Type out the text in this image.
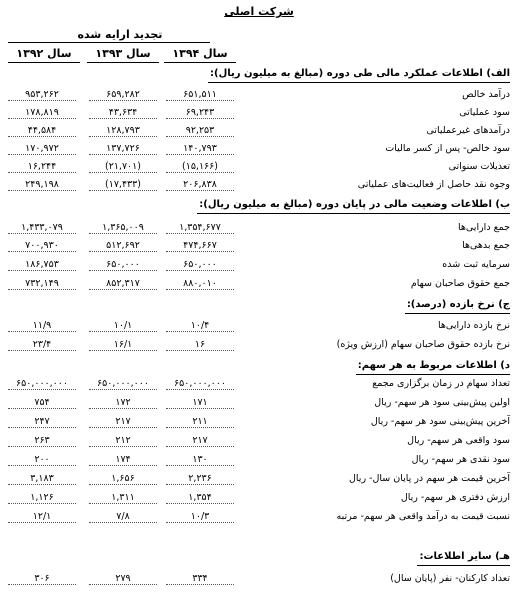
شرکت اصلی
تجدید ارایه شده
سال ۱۳۹۴
سال ۱۳۹۳
سال ۱۳۹۲
الف) اطلاعات عملکرد مالی طی دوره (مبالغ به میلیون ریال):
درآمد خالص
۶۵۱,۵۱۱
۶۵۹,۲۸۲
۹۵۳,۲۶۲
سود عملیاتی
۶۹,۲۴۳
۴۳,۶۳۴
۱۷۸,۸۱۹
درآمدهای غیرعملیاتی
۹۲,۲۵۳
۱۲۸,۷۹۳
۴۴,۵۸۴
سود خالص- پس از کسر مالیات
۱۴۰,۷۹۳
۱۳۷,۷۲۶
۱۷۰,۹۷۲
تعدیلات سنواتی
(۱۵,۱۶۶)
(۲۱,۷۰۱)
۱۶,۲۴۴
وجوه نقد حاصل از فعالیت‌های عملیاتی
۲۰۶,۸۳۸
(۱۷,۴۳۳)
۲۴۹,۱۹۸
ب) اطلاعات وضعیت مالی در پایان دوره (مبالغ به میلیون ریال):
جمع دارایی‌ها
۱,۳۵۴,۶۷۷
۱,۳۶۵,۰۰۹
۱,۴۳۳,۰۷۹
جمع بدهی‌ها
۴۷۴,۶۶۷
۵۱۲,۶۹۲
۷۰۰,۹۳۰
سرمایه ثبت شده
۶۵۰,۰۰۰
۶۵۰,۰۰۰
۱۸۶,۷۵۳
جمع حقوق صاحبان سهام
۸۸۰,۰۱۰
۸۵۲,۳۱۷
۷۳۲,۱۴۹
ج) نرخ بازده (درصد):
نرخ بازده دارایی‌ها
۱۰/۴
۱۰/۱
۱۱/۹
نرخ بازده حقوق صاحبان سهام (ارزش ویژه)
۱۶
۱۶/۱
۲۳/۴
د) اطلاعات مربوط به هر سهم:
تعداد سهام در زمان برگزاری مجمع
۶۵۰,۰۰۰,۰۰۰
۶۵۰,۰۰۰,۰۰۰
۶۵۰,۰۰۰,۰۰۰
اولین پیش‌بینی سود هر سهم- ریال
۱۷۱
۱۷۲
۷۵۴
آخرین پیش‌بینی سود هر سهم- ریال
۲۱۱
۲۱۷
۲۴۷
سود واقعی هر سهم- ریال
۲۱۷
۲۱۲
۲۶۳
سود نقدی هر سهم- ریال
۱۳۰
۱۷۴
۲۰۰
آخرین قیمت هر سهم در پایان سال- ریال
۲,۲۳۶
۱,۶۵۶
۳,۱۸۳
ارزش دفتری هر سهم- ریال
۱,۳۵۴
۱,۳۱۱
۱,۱۲۶
نسبت قیمت به درآمد واقعی هر سهم- مرتبه
۱۰/۳
۷/۸
۱۲/۱
هـ) سایر اطلاعات:
تعداد کارکنان- نفر (پایان سال)
۳۳۴
۲۷۹
۳۰۶
